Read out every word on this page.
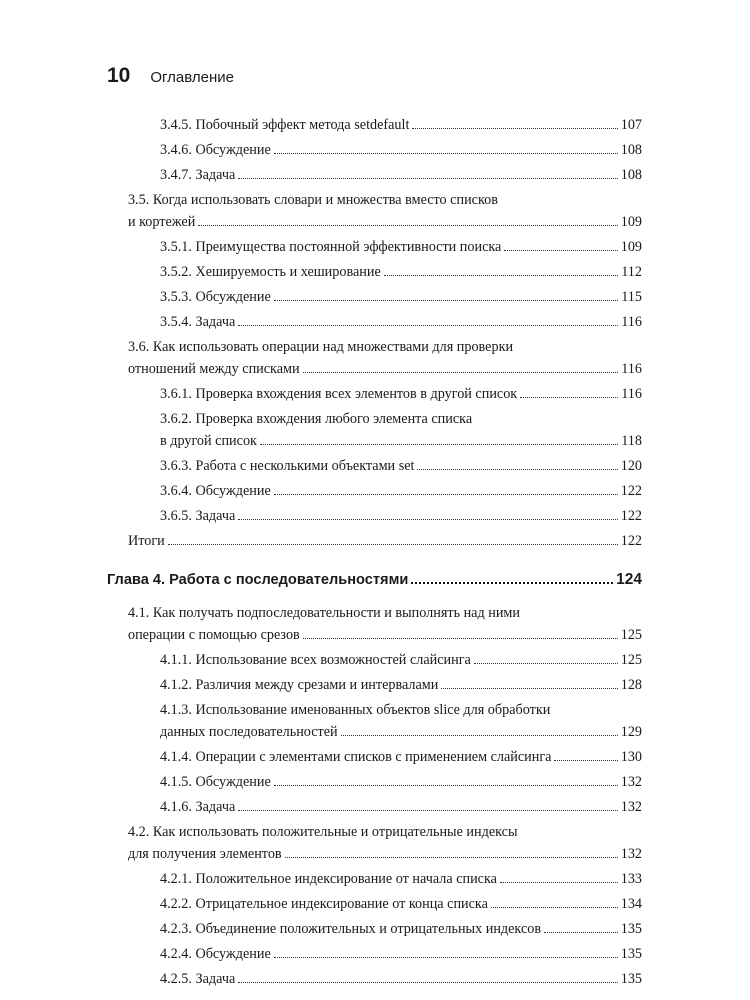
10 Оглавление
3.4.5. Побочный эффект метода setdefault	107
3.4.6. Обсуждение	108
3.4.7. Задача	108
3.5. Когда использовать словари и множества вместо списков
и кортежей	109
3.5.1. Преимущества постоянной эффективности поиска	109
3.5.2. Хешируемость и хеширование	112
3.5.3. Обсуждение	115
3.5.4. Задача	116
3.6. Как использовать операции над множествами для проверки
отношений между списками	116
3.6.1. Проверка вхождения всех элементов в другой список	116
3.6.2. Проверка вхождения любого элемента списка
в другой список	118
3.6.3. Работа с несколькими объектами set	120
3.6.4. Обсуждение	122
3.6.5. Задача	122
Итоги	122
Глава 4. Работа с последовательностями	124
4.1. Как получать подпоследовательности и выполнять над ними
операции с помощью срезов	125
4.1.1. Использование всех возможностей слайсинга	125
4.1.2. Различия между срезами и интервалами	128
4.1.3. Использование именованных объектов slice для обработки
данных последовательностей	129
4.1.4. Операции с элементами списков с применением слайсинга	130
4.1.5. Обсуждение	132
4.1.6. Задача	132
4.2. Как использовать положительные и отрицательные индексы
для получения элементов	132
4.2.1. Положительное индексирование от начала списка	133
4.2.2. Отрицательное индексирование от конца списка	134
4.2.3. Объединение положительных и отрицательных индексов	135
4.2.4. Обсуждение	135
4.2.5. Задача	135
